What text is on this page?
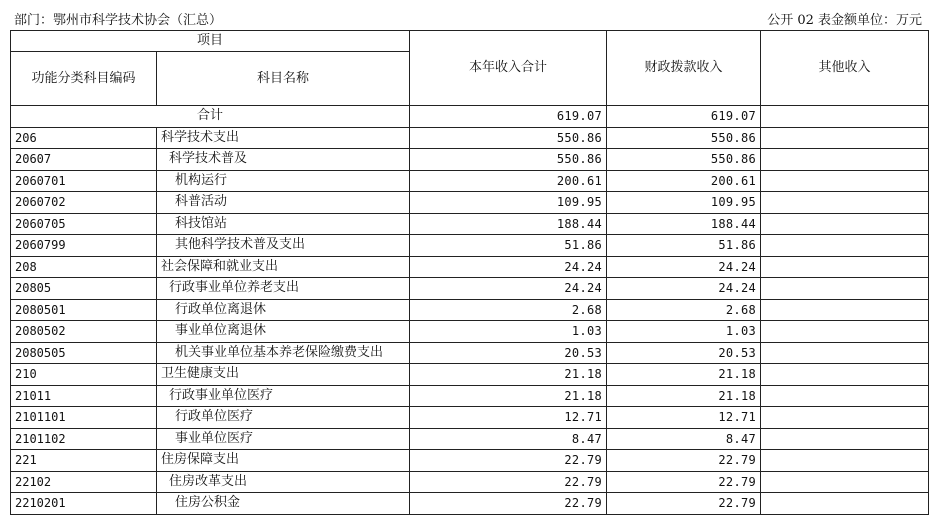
部门：鄂州市科学技术协会（汇总）	公开 02 表金额单位：万元
项目		本年收入合计	财政拨款收入	其他收入
功能分类科目编码	科目名称			
合计		619.07	619.07	
206	科学技术支出	550.86	550.86	
20607	科学技术普及	550.86	550.86	
2060701	机构运行	200.61	200.61	
2060702	科普活动	109.95	109.95	
2060705	科技馆站	188.44	188.44	
2060799	其他科学技术普及支出	51.86	51.86	
208	社会保障和就业支出	24.24	24.24	
20805	行政事业单位养老支出	24.24	24.24	
2080501	行政单位离退休	2.68	2.68	
2080502	事业单位离退休	1.03	1.03	
2080505	机关事业单位基本养老保险缴费支出	20.53	20.53	
210	卫生健康支出	21.18	21.18	
21011	行政事业单位医疗	21.18	21.18	
2101101	行政单位医疗	12.71	12.71	
2101102	事业单位医疗	8.47	8.47	
221	住房保障支出	22.79	22.79	
22102	住房改革支出	22.79	22.79	
2210201	住房公积金	22.79	22.79	
